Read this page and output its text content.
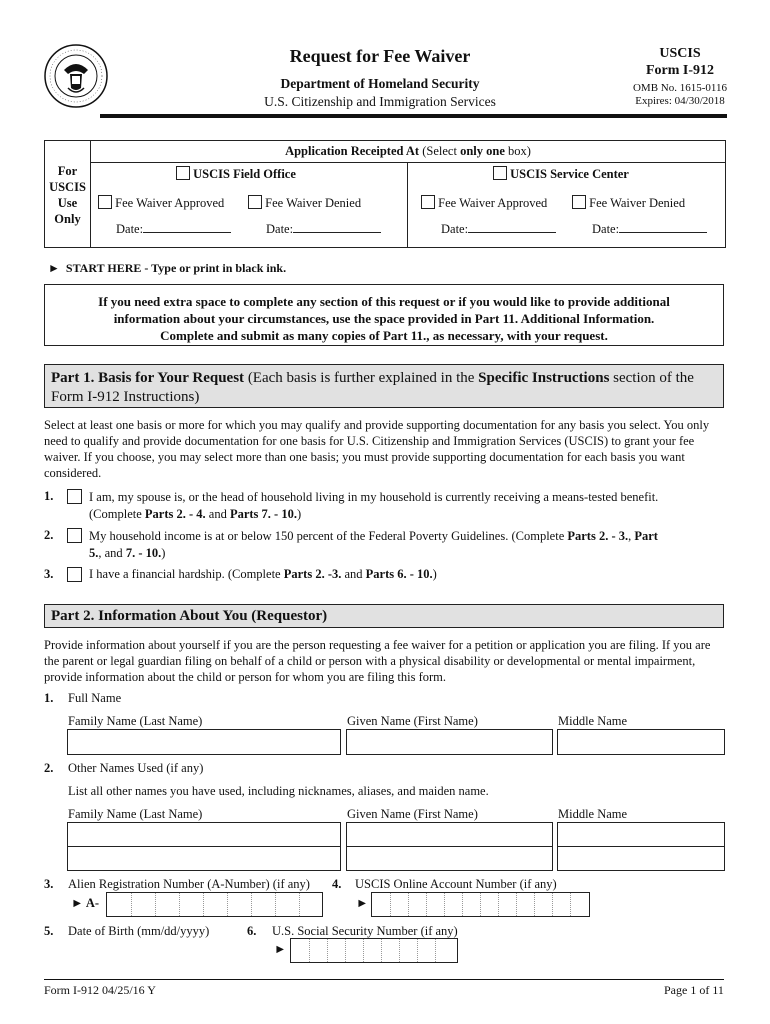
Request for Fee Waiver
Department of Homeland Security
U.S. Citizenship and Immigration Services
USCIS
Form I-912
OMB No. 1615-0116
Expires: 04/30/2018
For
USCIS
Use
Only
Application Receipted At (Select only one box)
USCIS Field Office
Fee Waiver Approved	Fee Waiver Denied
Date:	Date:
USCIS Service Center
Fee Waiver Approved	Fee Waiver Denied
Date:	Date:
► START HERE - Type or print in black ink.
If you need extra space to complete any section of this request or if you would like to provide additional
information about your circumstances, use the space provided in Part 11. Additional Information.
Complete and submit as many copies of Part 11., as necessary, with your request.
Part 1. Basis for Your Request (Each basis is further explained in the Specific Instructions section of the
Form I-912 Instructions)
Select at least one basis or more for which you may qualify and provide supporting documentation for any basis you select. You only
need to qualify and provide documentation for one basis for U.S. Citizenship and Immigration Services (USCIS) to grant your fee
waiver. If you choose, you may select more than one basis; you must provide supporting documentation for each basis you want
considered.
1.	I am, my spouse is, or the head of household living in my household is currently receiving a means-tested benefit.
(Complete Parts 2. - 4. and Parts 7. - 10.)
2.	My household income is at or below 150 percent of the Federal Poverty Guidelines. (Complete Parts 2. - 3., Part
5., and 7. - 10.)
3.	I have a financial hardship. (Complete Parts 2. -3. and Parts 6. - 10.)
Part 2. Information About You (Requestor)
Provide information about yourself if you are the person requesting a fee waiver for a petition or application you are filing. If you are
the parent or legal guardian filing on behalf of a child or person with a physical disability or developmental or mental impairment,
provide information about the child or person for whom you are filing this form.
1. Full Name
Family Name (Last Name)	Given Name (First Name)	Middle Name
2. Other Names Used (if any)
List all other names you have used, including nicknames, aliases, and maiden name.
Family Name (Last Name)	Given Name (First Name)	Middle Name
3. Alien Registration Number (A-Number) (if any)
► A-
4. USCIS Online Account Number (if any)
►
5. Date of Birth (mm/dd/yyyy)	6. U.S. Social Security Number (if any)
►
Form I-912 04/25/16 Y	Page 1 of 11
